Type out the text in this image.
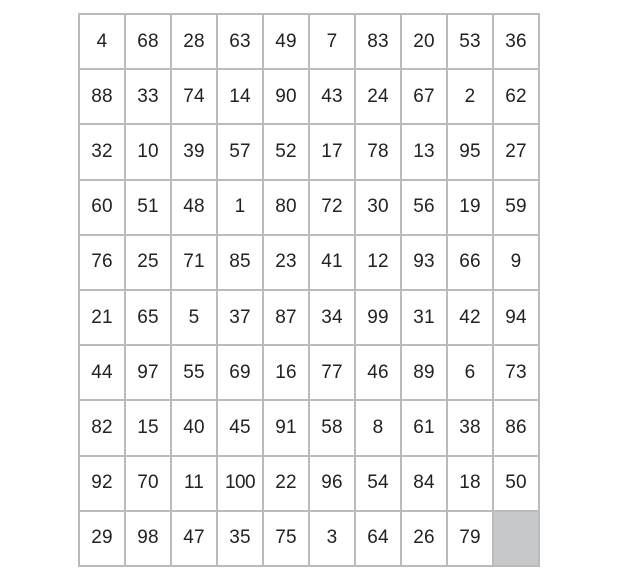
4	68	28	63	49	7	83	20	53	36
88	33	74	14	90	43	24	67	2	62
32	10	39	57	52	17	78	13	95	27
60	51	48	1	80	72	30	56	19	59
76	25	71	85	23	41	12	93	66	9
21	65	5	37	87	34	99	31	42	94
44	97	55	69	16	77	46	89	6	73
82	15	40	45	91	58	8	61	38	86
92	70	11	100	22	96	54	84	18	50
29	98	47	35	75	3	64	26	79
